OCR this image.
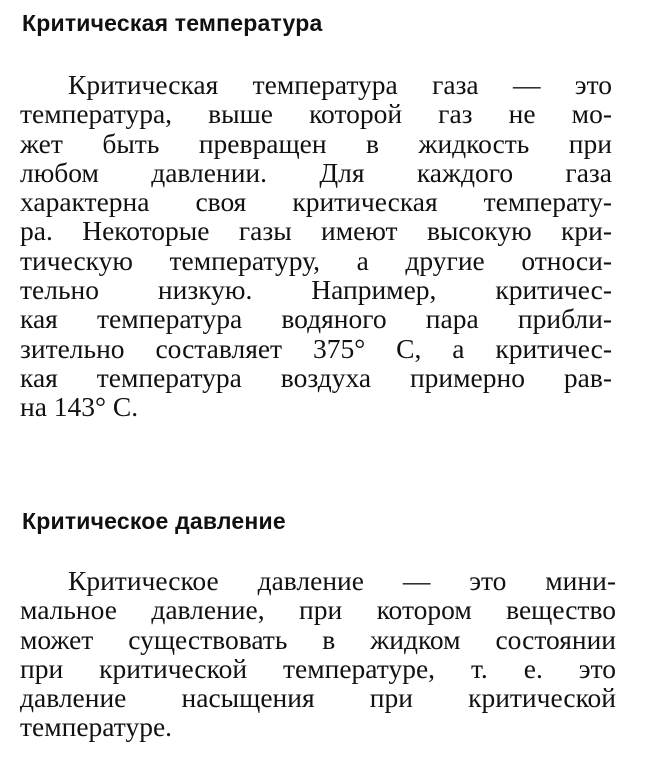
Критическая температура
Критическая температура газа — это
температура, выше которой газ не мо-
жет быть превращен в жидкость при
любом давлении. Для каждого газа
характерна своя критическая температу-
ра. Некоторые газы имеют высокую кри-
тическую температуру, а другие относи-
тельно низкую. Например, критичес-
кая температура водяного пара прибли-
зительно составляет 375° С, а критичес-
кая температура воздуха примерно рав-
на 143° С.
Критическое давление
Критическое давление — это мини-
мальное давление, при котором вещество
может существовать в жидком состоянии
при критической температуре, т. е. это
давление насыщения при критической
температуре.
